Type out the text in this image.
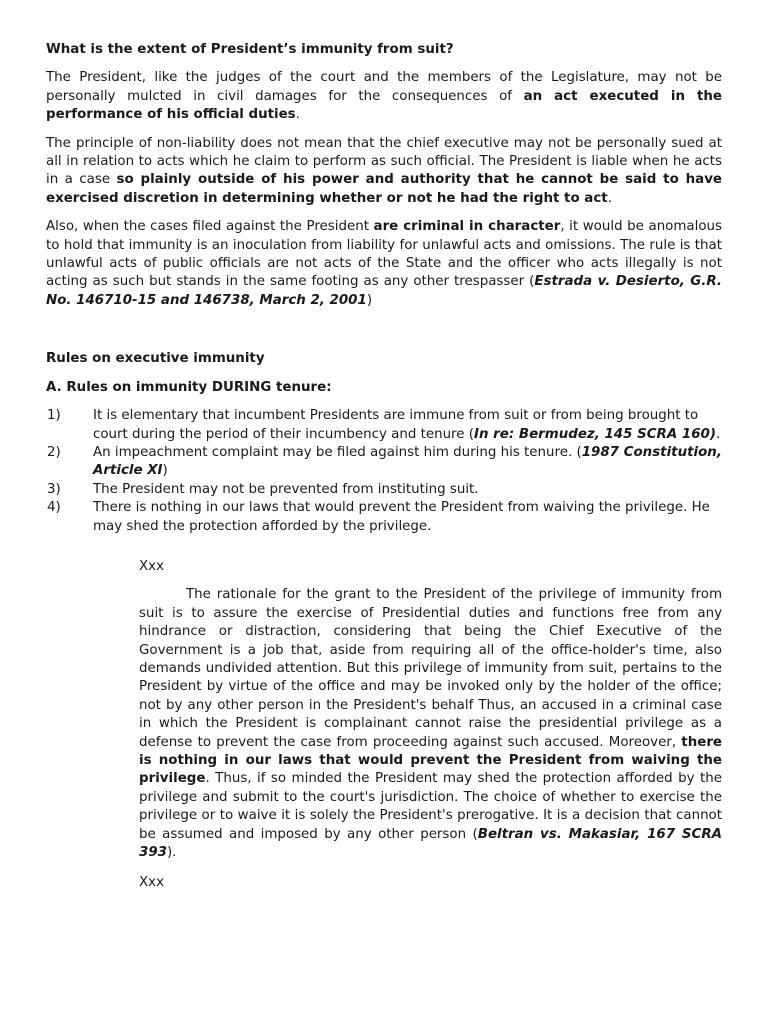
What is the extent of President’s immunity from suit?

The President, like the judges of the court and the members of the Legislature, may not be personally mulcted in civil damages for the consequences of an act executed in the performance of his official duties.

The principle of non-liability does not mean that the chief executive may not be personally sued at all in relation to acts which he claim to perform as such official. The President is liable when he acts in a case so plainly outside of his power and authority that he cannot be said to have exercised discretion in determining whether or not he had the right to act.

Also, when the cases filed against the President are criminal in character, it would be anomalous to hold that immunity is an inoculation from liability for unlawful acts and omissions. The rule is that unlawful acts of public officials are not acts of the State and the officer who acts illegally is not acting as such but stands in the same footing as any other trespasser (Estrada v. Desierto, G.R. No. 146710-15 and 146738, March 2, 2001)

Rules on executive immunity

A. Rules on immunity DURING tenure:

1) It is elementary that incumbent Presidents are immune from suit or from being brought to court during the period of their incumbency and tenure (In re: Bermudez, 145 SCRA 160).
2) An impeachment complaint may be filed against him during his tenure. (1987 Constitution, Article XI)
3) The President may not be prevented from instituting suit.
4) There is nothing in our laws that would prevent the President from waiving the privilege. He may shed the protection afforded by the privilege.

Xxx

The rationale for the grant to the President of the privilege of immunity from suit is to assure the exercise of Presidential duties and functions free from any hindrance or distraction, considering that being the Chief Executive of the Government is a job that, aside from requiring all of the office-holder's time, also demands undivided attention. But this privilege of immunity from suit, pertains to the President by virtue of the office and may be invoked only by the holder of the office; not by any other person in the President's behalf Thus, an accused in a criminal case in which the President is complainant cannot raise the presidential privilege as a defense to prevent the case from proceeding against such accused. Moreover, there is nothing in our laws that would prevent the President from waiving the privilege. Thus, if so minded the President may shed the protection afforded by the privilege and submit to the court's jurisdiction. The choice of whether to exercise the privilege or to waive it is solely the President's prerogative. It is a decision that cannot be assumed and imposed by any other person (Beltran vs. Makasiar, 167 SCRA 393).

Xxx
